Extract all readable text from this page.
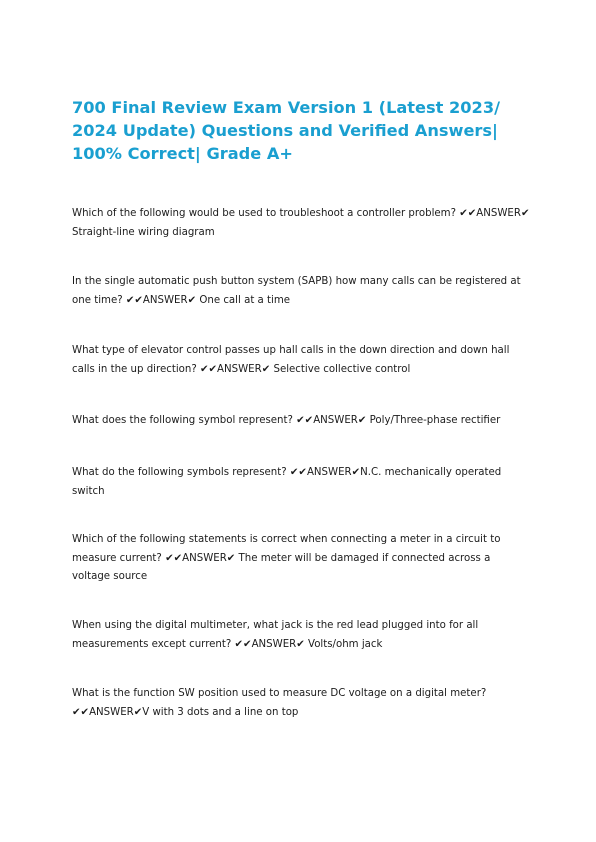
700 Final Review Exam Version 1 (Latest 2023/ 2024 Update) Questions and Verified Answers| 100% Correct| Grade A+

Which of the following would be used to troubleshoot a controller problem? ✔✔ANSWER✔ Straight-line wiring diagram

In the single automatic push button system (SAPB) how many calls can be registered at one time? ✔✔ANSWER✔ One call at a time

What type of elevator control passes up hall calls in the down direction and down hall calls in the up direction? ✔✔ANSWER✔ Selective collective control

What does the following symbol represent? ✔✔ANSWER✔ Poly/Three-phase rectifier

What do the following symbols represent? ✔✔ANSWER✔N.C. mechanically operated switch

Which of the following statements is correct when connecting a meter in a circuit to measure current? ✔✔ANSWER✔ The meter will be damaged if connected across a voltage source

When using the digital multimeter, what jack is the red lead plugged into for all measurements except current? ✔✔ANSWER✔ Volts/ohm jack

What is the function SW position used to measure DC voltage on a digital meter? ✔✔ANSWER✔V with 3 dots and a line on top
